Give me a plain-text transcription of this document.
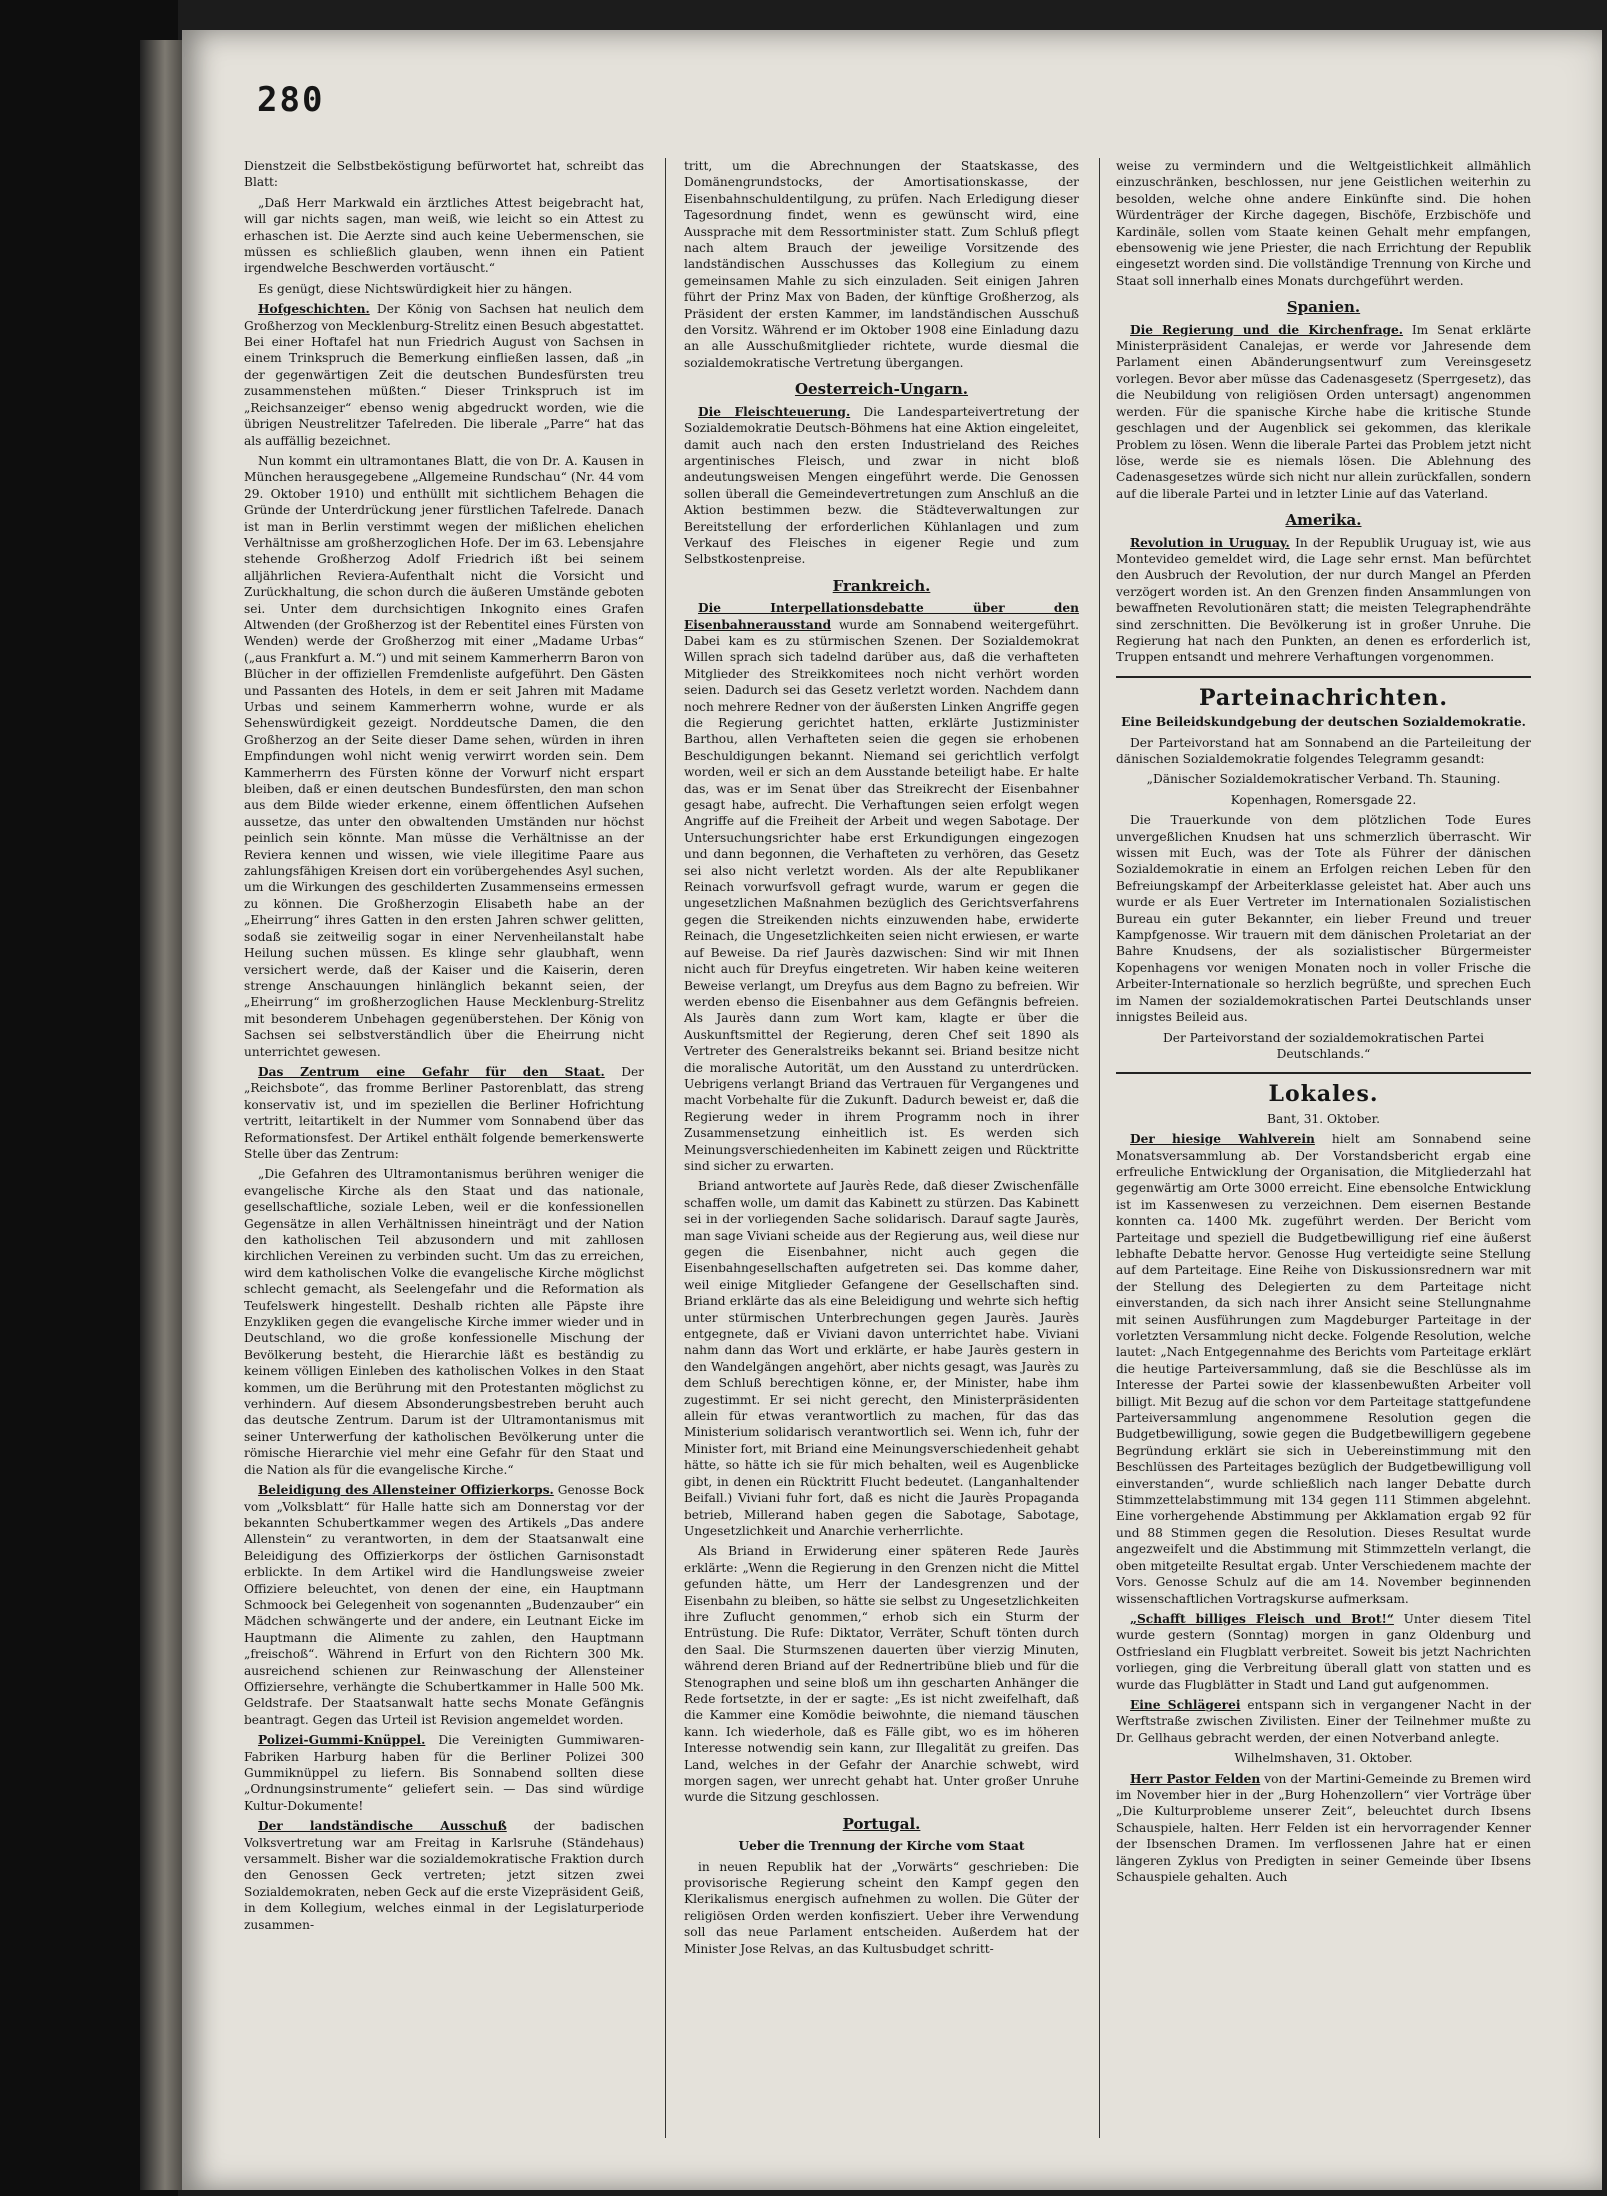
280

Dienstzeit die Selbstbeköstigung befürwortet hat, schreibt das Blatt:

„Daß Herr Markwald ein ärztliches Attest beigebracht hat, will gar nichts sagen, man weiß, wie leicht so ein Attest zu erhaschen ist. Die Aerzte sind auch keine Uebermenschen, sie müssen es schließlich glauben, wenn ihnen ein Patient irgendwelche Beschwerden vortäuscht.“

Es genügt, diese Nichtswürdigkeit hier zu hängen.

Hofgeschichten. Der König von Sachsen hat neulich dem Großherzog von Mecklenburg-Strelitz einen Besuch abgestattet. Bei einer Hoftafel hat nun Friedrich August von Sachsen in einem Trinkspruch die Bemerkung einfließen lassen, daß „in der gegenwärtigen Zeit die deutschen Bundesfürsten treu zusammenstehen müßten.“ Dieser Trinkspruch ist im „Reichsanzeiger“ ebenso wenig abgedruckt worden, wie die übrigen Neustrelitzer Tafelreden. Die liberale „Parre“ hat das als auffällig bezeichnet.

Nun kommt ein ultramontanes Blatt, die von Dr. A. Kausen in München herausgegebene „Allgemeine Rundschau“ (Nr. 44 vom 29. Oktober 1910) und enthüllt mit sichtlichem Behagen die Gründe der Unterdrückung jener fürstlichen Tafelrede. Danach ist man in Berlin verstimmt wegen der mißlichen ehelichen Verhältnisse am großherzoglichen Hofe. Der im 63. Lebensjahre stehende Großherzog Adolf Friedrich ißt bei seinem alljährlichen Reviera-Aufenthalt nicht die Vorsicht und Zurückhaltung, die schon durch die äußeren Umstände geboten sei. Unter dem durchsichtigen Inkognito eines Grafen Altwenden (der Großherzog ist der Rebentitel eines Fürsten von Wenden) werde der Großherzog mit einer „Madame Urbas“ („aus Frankfurt a. M.“) und mit seinem Kammerherrn Baron von Blücher in der offiziellen Fremdenliste aufgeführt. Den Gästen und Passanten des Hotels, in dem er seit Jahren mit Madame Urbas und seinem Kammerherrn wohne, wurde er als Sehenswürdigkeit gezeigt. Norddeutsche Damen, die den Großherzog an der Seite dieser Dame sehen, würden in ihren Empfindungen wohl nicht wenig verwirrt worden sein. Dem Kammerherrn des Fürsten könne der Vorwurf nicht erspart bleiben, daß er einen deutschen Bundesfürsten, den man schon aus dem Bilde wieder erkenne, einem öffentlichen Aufsehen aussetze, das unter den obwaltenden Umständen nur höchst peinlich sein könnte. Man müsse die Verhältnisse an der Reviera kennen und wissen, wie viele illegitime Paare aus zahlungsfähigen Kreisen dort ein vorübergehendes Asyl suchen, um die Wirkungen des geschilderten Zusammenseins ermessen zu können. Die Großherzogin Elisabeth habe an der „Eheirrung“ ihres Gatten in den ersten Jahren schwer gelitten, sodaß sie zeitweilig sogar in einer Nervenheilanstalt habe Heilung suchen müssen. Es klinge sehr glaubhaft, wenn versichert werde, daß der Kaiser und die Kaiserin, deren strenge Anschauungen hinlänglich bekannt seien, der „Eheirrung“ im großherzoglichen Hause Mecklenburg-Strelitz mit besonderem Unbehagen gegenüberstehen. Der König von Sachsen sei selbstverständlich über die Eheirrung nicht unterrichtet gewesen.

Das Zentrum eine Gefahr für den Staat. Der „Reichsbote“, das fromme Berliner Pastorenblatt, das streng konservativ ist, und im speziellen die Berliner Hofrichtung vertritt, leitartikelt in der Nummer vom Sonnabend über das Reformationsfest. Der Artikel enthält folgende bemerkenswerte Stelle über das Zentrum:

„Die Gefahren des Ultramontanismus berühren weniger die evangelische Kirche als den Staat und das nationale, gesellschaftliche, soziale Leben, weil er die konfessionellen Gegensätze in allen Verhältnissen hineinträgt und der Nation den katholischen Teil abzusondern und mit zahllosen kirchlichen Vereinen zu verbinden sucht. Um das zu erreichen, wird dem katholischen Volke die evangelische Kirche möglichst schlecht gemacht, als Seelengefahr und die Reformation als Teufelswerk hingestellt. Deshalb richten alle Päpste ihre Enzykliken gegen die evangelische Kirche immer wieder und in Deutschland, wo die große konfessionelle Mischung der Bevölkerung besteht, die Hierarchie läßt es beständig zu keinem völligen Einleben des katholischen Volkes in den Staat kommen, um die Berührung mit den Protestanten möglichst zu verhindern. Auf diesem Absonderungsbestreben beruht auch das deutsche Zentrum. Darum ist der Ultramontanismus mit seiner Unterwerfung der katholischen Bevölkerung unter die römische Hierarchie viel mehr eine Gefahr für den Staat und die Nation als für die evangelische Kirche.“

Beleidigung des Allensteiner Offizierkorps. Genosse Bock vom „Volksblatt“ für Halle hatte sich am Donnerstag vor der bekannten Schubertkammer wegen des Artikels „Das andere Allenstein“ zu verantworten, in dem der Staatsanwalt eine Beleidigung des Offizierkorps der östlichen Garnisonstadt erblickte. In dem Artikel wird die Handlungsweise zweier Offiziere beleuchtet, von denen der eine, ein Hauptmann Schmoock bei Gelegenheit von sogenannten „Budenzauber“ ein Mädchen schwängerte und der andere, ein Leutnant Eicke im Hauptmann die Alimente zu zahlen, den Hauptmann „freischoß“. Während in Erfurt von den Richtern 300 Mk. ausreichend schienen zur Reinwaschung der Allensteiner Offiziersehre, verhängte die Schubertkammer in Halle 500 Mk. Geldstrafe. Der Staatsanwalt hatte sechs Monate Gefängnis beantragt. Gegen das Urteil ist Revision angemeldet worden.

Polizei-Gummi-Knüppel. Die Vereinigten Gummiwaren-Fabriken Harburg haben für die Berliner Polizei 300 Gummiknüppel zu liefern. Bis Sonnabend sollten diese „Ordnungsinstrumente“ geliefert sein. — Das sind würdige Kultur-Dokumente!

Der landständische Ausschuß der badischen Volksvertretung war am Freitag in Karlsruhe (Ständehaus) versammelt. Bisher war die sozialdemokratische Fraktion durch den Genossen Geck vertreten; jetzt sitzen zwei Sozialdemokraten, neben Geck auf die erste Vizepräsident Geiß, in dem Kollegium, welches einmal in der Legislaturperiode zusammen-

tritt, um die Abrechnungen der Staatskasse, des Domänengrundstocks, der Amortisationskasse, der Eisenbahnschuldentilgung, zu prüfen. Nach Erledigung dieser Tagesordnung findet, wenn es gewünscht wird, eine Aussprache mit dem Ressortminister statt. Zum Schluß pflegt nach altem Brauch der jeweilige Vorsitzende des landständischen Ausschusses das Kollegium zu einem gemeinsamen Mahle zu sich einzuladen. Seit einigen Jahren führt der Prinz Max von Baden, der künftige Großherzog, als Präsident der ersten Kammer, im landständischen Ausschuß den Vorsitz. Während er im Oktober 1908 eine Einladung dazu an alle Ausschußmitglieder richtete, wurde diesmal die sozialdemokratische Vertretung übergangen.

Oesterreich-Ungarn.

Die Fleischteuerung. Die Landesparteivertretung der Sozialdemokratie Deutsch-Böhmens hat eine Aktion eingeleitet, damit auch nach den ersten Industrieland des Reiches argentinisches Fleisch, und zwar in nicht bloß andeutungsweisen Mengen eingeführt werde. Die Genossen sollen überall die Gemeindevertretungen zum Anschluß an die Aktion bestimmen bezw. die Städteverwaltungen zur Bereitstellung der erforderlichen Kühlanlagen und zum Verkauf des Fleisches in eigener Regie und zum Selbstkostenpreise.

Frankreich.

Die Interpellationsdebatte über den Eisenbahnerausstand wurde am Sonnabend weitergeführt. Dabei kam es zu stürmischen Szenen. Der Sozialdemokrat Willen sprach sich tadelnd darüber aus, daß die verhafteten Mitglieder des Streikkomitees noch nicht verhört worden seien. Dadurch sei das Gesetz verletzt worden. Nachdem dann noch mehrere Redner von der äußersten Linken Angriffe gegen die Regierung gerichtet hatten, erklärte Justizminister Barthou, allen Verhafteten seien die gegen sie erhobenen Beschuldigungen bekannt. Niemand sei gerichtlich verfolgt worden, weil er sich an dem Ausstande beteiligt habe. Er halte das, was er im Senat über das Streikrecht der Eisenbahner gesagt habe, aufrecht. Die Verhaftungen seien erfolgt wegen Angriffe auf die Freiheit der Arbeit und wegen Sabotage. Der Untersuchungsrichter habe erst Erkundigungen eingezogen und dann begonnen, die Verhafteten zu verhören, das Gesetz sei also nicht verletzt worden. Als der alte Republikaner Reinach vorwurfsvoll gefragt wurde, warum er gegen die ungesetzlichen Maßnahmen bezüglich des Gerichtsverfahrens gegen die Streikenden nichts einzuwenden habe, erwiderte Reinach, die Ungesetzlichkeiten seien nicht erwiesen, er warte auf Beweise. Da rief Jaurès dazwischen: Sind wir mit Ihnen nicht auch für Dreyfus eingetreten. Wir haben keine weiteren Beweise verlangt, um Dreyfus aus dem Bagno zu befreien. Wir werden ebenso die Eisenbahner aus dem Gefängnis befreien. Als Jaurès dann zum Wort kam, klagte er über die Auskunftsmittel der Regierung, deren Chef seit 1890 als Vertreter des Generalstreiks bekannt sei. Briand besitze nicht die moralische Autorität, um den Ausstand zu unterdrücken. Uebrigens verlangt Briand das Vertrauen für Vergangenes und macht Vorbehalte für die Zukunft. Dadurch beweist er, daß die Regierung weder in ihrem Programm noch in ihrer Zusammensetzung einheitlich ist. Es werden sich Meinungsverschiedenheiten im Kabinett zeigen und Rücktritte sind sicher zu erwarten.

Briand antwortete auf Jaurès Rede, daß dieser Zwischenfälle schaffen wolle, um damit das Kabinett zu stürzen. Das Kabinett sei in der vorliegenden Sache solidarisch. Darauf sagte Jaurès, man sage Viviani scheide aus der Regierung aus, weil diese nur gegen die Eisenbahner, nicht auch gegen die Eisenbahngesellschaften aufgetreten sei. Das komme daher, weil einige Mitglieder Gefangene der Gesellschaften sind. Briand erklärte das als eine Beleidigung und wehrte sich heftig unter stürmischen Unterbrechungen gegen Jaurès. Jaurès entgegnete, daß er Viviani davon unterrichtet habe. Viviani nahm dann das Wort und erklärte, er habe Jaurès gestern in den Wandelgängen angehört, aber nichts gesagt, was Jaurès zu dem Schluß berechtigen könne, er, der Minister, habe ihm zugestimmt. Er sei nicht gerecht, den Ministerpräsidenten allein für etwas verantwortlich zu machen, für das das Ministerium solidarisch verantwortlich sei. Wenn ich, fuhr der Minister fort, mit Briand eine Meinungsverschiedenheit gehabt hätte, so hätte ich sie für mich behalten, weil es Augenblicke gibt, in denen ein Rücktritt Flucht bedeutet. (Langanhaltender Beifall.) Viviani fuhr fort, daß es nicht die Jaurès Propaganda betrieb, Millerand haben gegen die Sabotage, Sabotage, Ungesetzlichkeit und Anarchie verherrlichte.

Als Briand in Erwiderung einer späteren Rede Jaurès erklärte: „Wenn die Regierung in den Grenzen nicht die Mittel gefunden hätte, um Herr der Landesgrenzen und der Eisenbahn zu bleiben, so hätte sie selbst zu Ungesetzlichkeiten ihre Zuflucht genommen,“ erhob sich ein Sturm der Entrüstung. Die Rufe: Diktator, Verräter, Schuft tönten durch den Saal. Die Sturmszenen dauerten über vierzig Minuten, während deren Briand auf der Rednertribüne blieb und für die Stenographen und seine bloß um ihn gescharten Anhänger die Rede fortsetzte, in der er sagte: „Es ist nicht zweifelhaft, daß die Kammer eine Komödie beiwohnte, die niemand täuschen kann. Ich wiederhole, daß es Fälle gibt, wo es im höheren Interesse notwendig sein kann, zur Illegalität zu greifen. Das Land, welches in der Gefahr der Anarchie schwebt, wird morgen sagen, wer unrecht gehabt hat. Unter großer Unruhe wurde die Sitzung geschlossen.

Portugal.
Ueber die Trennung der Kirche vom Staat

in neuen Republik hat der „Vorwärts“ geschrieben: Die provisorische Regierung scheint den Kampf gegen den Klerikalismus energisch aufnehmen zu wollen. Die Güter der religiösen Orden werden konfisziert. Ueber ihre Verwendung soll das neue Parlament entscheiden. Außerdem hat der Minister Jose Relvas, an das Kultusbudget schritt-

weise zu vermindern und die Weltgeistlichkeit allmählich einzuschränken, beschlossen, nur jene Geistlichen weiterhin zu besolden, welche ohne andere Einkünfte sind. Die hohen Würdenträger der Kirche dagegen, Bischöfe, Erzbischöfe und Kardinäle, sollen vom Staate keinen Gehalt mehr empfangen, ebensowenig wie jene Priester, die nach Errichtung der Republik eingesetzt worden sind. Die vollständige Trennung von Kirche und Staat soll innerhalb eines Monats durchgeführt werden.

Spanien.

Die Regierung und die Kirchenfrage. Im Senat erklärte Ministerpräsident Canalejas, er werde vor Jahresende dem Parlament einen Abänderungsentwurf zum Vereinsgesetz vorlegen. Bevor aber müsse das Cadenasgesetz (Sperrgesetz), das die Neubildung von religiösen Orden untersagt) angenommen werden. Für die spanische Kirche habe die kritische Stunde geschlagen und der Augenblick sei gekommen, das klerikale Problem zu lösen. Wenn die liberale Partei das Problem jetzt nicht löse, werde sie es niemals lösen. Die Ablehnung des Cadenasgesetzes würde sich nicht nur allein zurückfallen, sondern auf die liberale Partei und in letzter Linie auf das Vaterland.

Amerika.

Revolution in Uruguay. In der Republik Uruguay ist, wie aus Montevideo gemeldet wird, die Lage sehr ernst. Man befürchtet den Ausbruch der Revolution, der nur durch Mangel an Pferden verzögert worden ist. An den Grenzen finden Ansammlungen von bewaffneten Revolutionären statt; die meisten Telegraphendrähte sind zerschnitten. Die Bevölkerung ist in großer Unruhe. Die Regierung hat nach den Punkten, an denen es erforderlich ist, Truppen entsandt und mehrere Verhaftungen vorgenommen.

Parteinachrichten.
Eine Beileidskundgebung der deutschen Sozialdemokratie.

Der Parteivorstand hat am Sonnabend an die Parteileitung der dänischen Sozialdemokratie folgendes Telegramm gesandt:

„Dänischer Sozialdemokratischer Verband. Th. Stauning.

Kopenhagen, Romersgade 22.

Die Trauerkunde von dem plötzlichen Tode Eures unvergeßlichen Knudsen hat uns schmerzlich überrascht. Wir wissen mit Euch, was der Tote als Führer der dänischen Sozialdemokratie in einem an Erfolgen reichen Leben für den Befreiungskampf der Arbeiterklasse geleistet hat. Aber auch uns wurde er als Euer Vertreter im Internationalen Sozialistischen Bureau ein guter Bekannter, ein lieber Freund und treuer Kampfgenosse. Wir trauern mit dem dänischen Proletariat an der Bahre Knudsens, der als sozialistischer Bürgermeister Kopenhagens vor wenigen Monaten noch in voller Frische die Arbeiter-Internationale so herzlich begrüßte, und sprechen Euch im Namen der sozialdemokratischen Partei Deutschlands unser innigstes Beileid aus.

Der Parteivorstand der sozialdemokratischen Partei Deutschlands.“

Lokales.

Bant, 31. Oktober.

Der hiesige Wahlverein hielt am Sonnabend seine Monatsversammlung ab. Der Vorstandsbericht ergab eine erfreuliche Entwicklung der Organisation, die Mitgliederzahl hat gegenwärtig am Orte 3000 erreicht. Eine ebensolche Entwicklung ist im Kassenwesen zu verzeichnen. Dem eisernen Bestande konnten ca. 1400 Mk. zugeführt werden. Der Bericht vom Parteitage und speziell die Budgetbewilligung rief eine äußerst lebhafte Debatte hervor. Genosse Hug verteidigte seine Stellung auf dem Parteitage. Eine Reihe von Diskussionsrednern war mit der Stellung des Delegierten zu dem Parteitage nicht einverstanden, da sich nach ihrer Ansicht seine Stellungnahme mit seinen Ausführungen zum Magdeburger Parteitage in der vorletzten Versammlung nicht decke. Folgende Resolution, welche lautet: „Nach Entgegennahme des Berichts vom Parteitage erklärt die heutige Parteiversammlung, daß sie die Beschlüsse als im Interesse der Partei sowie der klassenbewußten Arbeiter voll billigt. Mit Bezug auf die schon vor dem Parteitage stattgefundene Parteiversammlung angenommene Resolution gegen die Budgetbewilligung, sowie gegen die Budgetbewilligern gegebene Begründung erklärt sie sich in Uebereinstimmung mit den Beschlüssen des Parteitages bezüglich der Budgetbewilligung voll einverstanden“, wurde schließlich nach langer Debatte durch Stimmzettelabstimmung mit 134 gegen 111 Stimmen abgelehnt. Eine vorhergehende Abstimmung per Akklamation ergab 92 für und 88 Stimmen gegen die Resolution. Dieses Resultat wurde angezweifelt und die Abstimmung mit Stimmzetteln verlangt, die oben mitgeteilte Resultat ergab. Unter Verschiedenem machte der Vors. Genosse Schulz auf die am 14. November beginnenden wissenschaftlichen Vortragskurse aufmerksam.

„Schafft billiges Fleisch und Brot!“ Unter diesem Titel wurde gestern (Sonntag) morgen in ganz Oldenburg und Ostfriesland ein Flugblatt verbreitet. Soweit bis jetzt Nachrichten vorliegen, ging die Verbreitung überall glatt von statten und es wurde das Flugblätter in Stadt und Land gut aufgenommen.

Eine Schlägerei entspann sich in vergangener Nacht in der Werftstraße zwischen Zivilisten. Einer der Teilnehmer mußte zu Dr. Gellhaus gebracht werden, der einen Notverband anlegte.

Wilhelmshaven, 31. Oktober.

Herr Pastor Felden von der Martini-Gemeinde zu Bremen wird im November hier in der „Burg Hohenzollern“ vier Vorträge über „Die Kulturprobleme unserer Zeit“, beleuchtet durch Ibsens Schauspiele, halten. Herr Felden ist ein hervorragender Kenner der Ibsenschen Dramen. Im verflossenen Jahre hat er einen längeren Zyklus von Predigten in seiner Gemeinde über Ibsens Schauspiele gehalten. Auch
